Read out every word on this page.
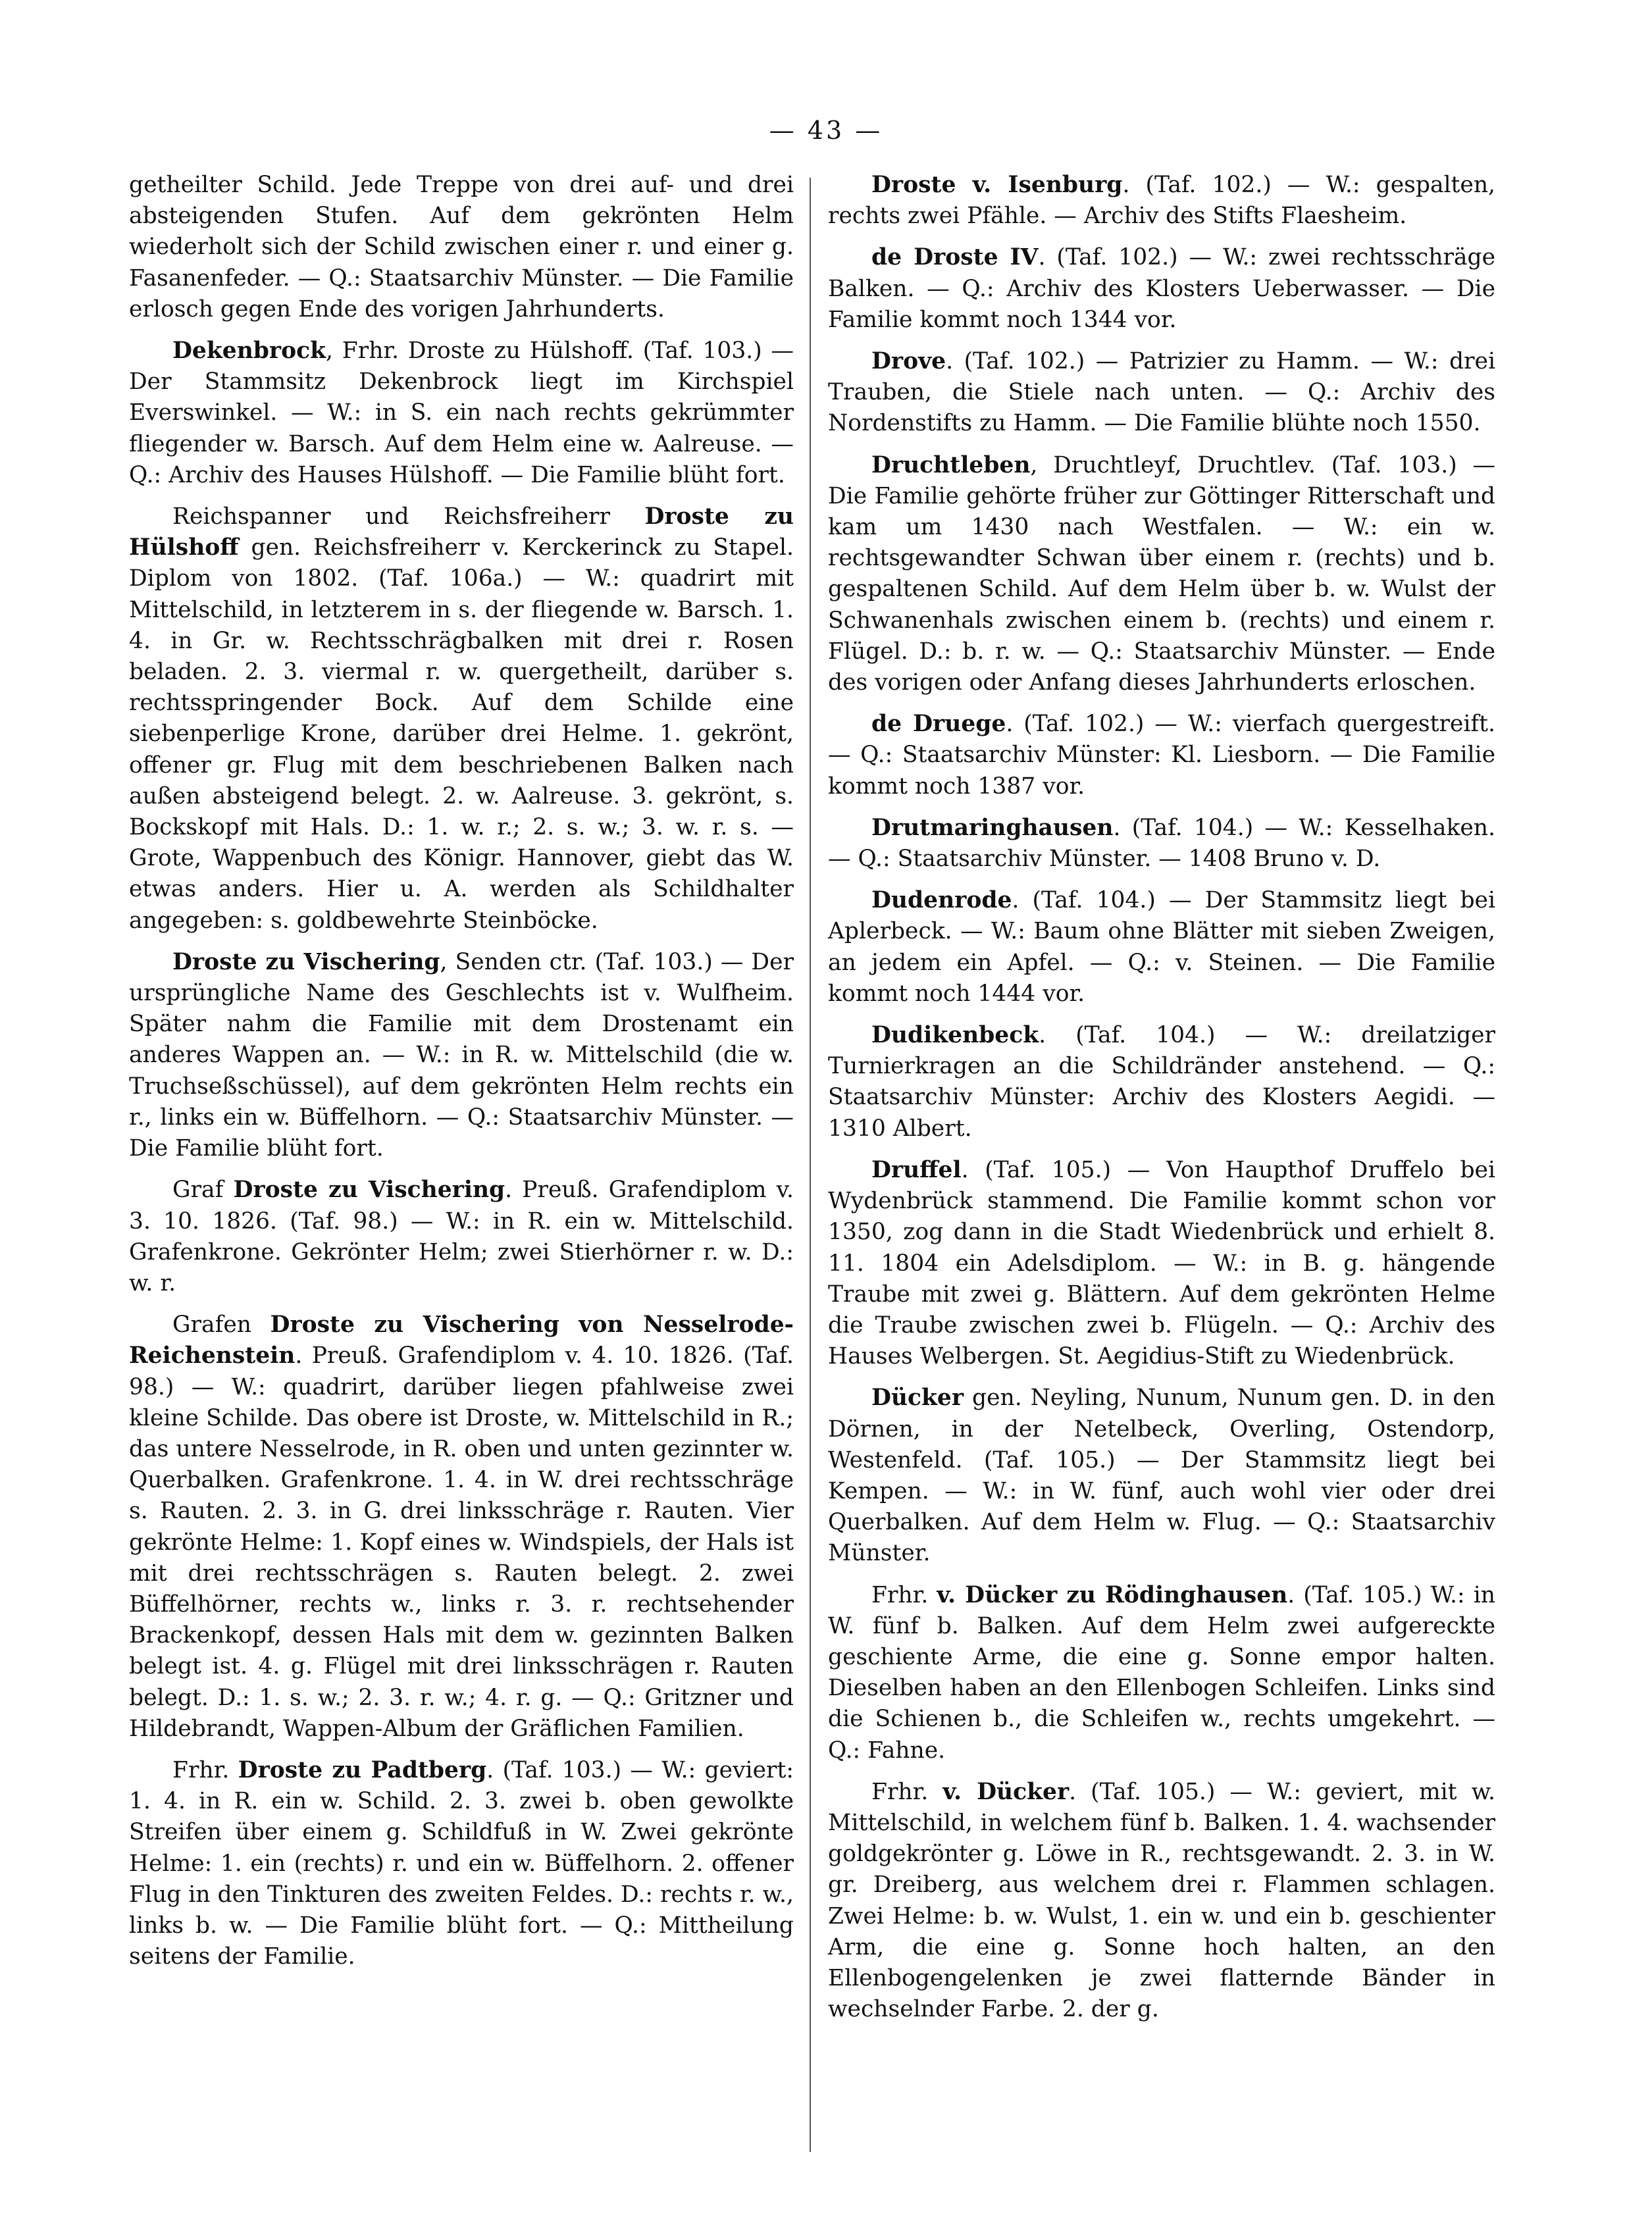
— 43 —

getheilter Schild. Jede Treppe von drei auf- und drei absteigenden Stufen. Auf dem gekrönten Helm wiederholt sich der Schild zwischen einer r. und einer g. Fasanenfeder. — Q.: Staatsarchiv Münster. — Die Familie erlosch gegen Ende des vorigen Jahrhunderts.

Dekenbrock, Frhr. Droste zu Hülshoff. (Taf. 103.) — Der Stammsitz Dekenbrock liegt im Kirchspiel Everswinkel. — W.: in S. ein nach rechts gekrümmter fliegender w. Barsch. Auf dem Helm eine w. Aalreuse. — Q.: Archiv des Hauses Hülshoff. — Die Familie blüht fort.

Reichspanner und Reichsfreiherr Droste zu Hülshoff gen. Reichsfreiherr v. Kerckerinck zu Stapel. Diplom von 1802. (Taf. 106a.) — W.: quadrirt mit Mittelschild, in letzterem in s. der fliegende w. Barsch. 1. 4. in Gr. w. Rechtsschrägbalken mit drei r. Rosen beladen. 2. 3. viermal r. w. quergetheilt, darüber s. rechtsspringender Bock. Auf dem Schilde eine siebenperlige Krone, darüber drei Helme. 1. gekrönt, offener gr. Flug mit dem beschriebenen Balken nach außen absteigend belegt. 2. w. Aalreuse. 3. gekrönt, s. Bockskopf mit Hals. D.: 1. w. r.; 2. s. w.; 3. w. r. s. — Grote, Wappenbuch des Königr. Hannover, giebt das W. etwas anders. Hier u. A. werden als Schildhalter angegeben: s. goldbewehrte Steinböcke.

Droste zu Vischering, Senden ctr. (Taf. 103.) — Der ursprüngliche Name des Geschlechts ist v. Wulfheim. Später nahm die Familie mit dem Drostenamt ein anderes Wappen an. — W.: in R. w. Mittelschild (die w. Truchseßschüssel), auf dem gekrönten Helm rechts ein r., links ein w. Büffelhorn. — Q.: Staatsarchiv Münster. — Die Familie blüht fort.

Graf Droste zu Vischering. Preuß. Grafendiplom v. 3. 10. 1826. (Taf. 98.) — W.: in R. ein w. Mittelschild. Grafenkrone. Gekrönter Helm; zwei Stierhörner r. w. D.: w. r.

Grafen Droste zu Vischering von Nesselrode-Reichenstein. Preuß. Grafendiplom v. 4. 10. 1826. (Taf. 98.) — W.: quadrirt, darüber liegen pfahlweise zwei kleine Schilde. Das obere ist Droste, w. Mittelschild in R.; das untere Nesselrode, in R. oben und unten gezinnter w. Querbalken. Grafenkrone. 1. 4. in W. drei rechtsschräge s. Rauten. 2. 3. in G. drei linksschräge r. Rauten. Vier gekrönte Helme: 1. Kopf eines w. Windspiels, der Hals ist mit drei rechtsschrägen s. Rauten belegt. 2. zwei Büffelhörner, rechts w., links r. 3. r. rechtsehender Brackenkopf, dessen Hals mit dem w. gezinnten Balken belegt ist. 4. g. Flügel mit drei linksschrägen r. Rauten belegt. D.: 1. s. w.; 2. 3. r. w.; 4. r. g. — Q.: Gritzner und Hildebrandt, Wappen-Album der Gräflichen Familien.

Frhr. Droste zu Padtberg. (Taf. 103.) — W.: geviert: 1. 4. in R. ein w. Schild. 2. 3. zwei b. oben gewolkte Streifen über einem g. Schildfuß in W. Zwei gekrönte Helme: 1. ein (rechts) r. und ein w. Büffelhorn. 2. offener Flug in den Tinkturen des zweiten Feldes. D.: rechts r. w., links b. w. — Die Familie blüht fort. — Q.: Mittheilung seitens der Familie.

Droste v. Isenburg. (Taf. 102.) — W.: gespalten, rechts zwei Pfähle. — Archiv des Stifts Flaesheim.

de Droste IV. (Taf. 102.) — W.: zwei rechtsschräge Balken. — Q.: Archiv des Klosters Ueberwasser. — Die Familie kommt noch 1344 vor.

Drove. (Taf. 102.) — Patrizier zu Hamm. — W.: drei Trauben, die Stiele nach unten. — Q.: Archiv des Nordenstifts zu Hamm. — Die Familie blühte noch 1550.

Druchtleben, Druchtleyf, Druchtlev. (Taf. 103.) — Die Familie gehörte früher zur Göttinger Ritterschaft und kam um 1430 nach Westfalen. — W.: ein w. rechtsgewandter Schwan über einem r. (rechts) und b. gespaltenen Schild. Auf dem Helm über b. w. Wulst der Schwanenhals zwischen einem b. (rechts) und einem r. Flügel. D.: b. r. w. — Q.: Staatsarchiv Münster. — Ende des vorigen oder Anfang dieses Jahrhunderts erloschen.

de Druege. (Taf. 102.) — W.: vierfach quergestreift. — Q.: Staatsarchiv Münster: Kl. Liesborn. — Die Familie kommt noch 1387 vor.

Drutmaringhausen. (Taf. 104.) — W.: Kesselhaken. — Q.: Staatsarchiv Münster. — 1408 Bruno v. D.

Dudenrode. (Taf. 104.) — Der Stammsitz liegt bei Aplerbeck. — W.: Baum ohne Blätter mit sieben Zweigen, an jedem ein Apfel. — Q.: v. Steinen. — Die Familie kommt noch 1444 vor.

Dudikenbeck. (Taf. 104.) — W.: dreilatziger Turnierkragen an die Schildränder anstehend. — Q.: Staatsarchiv Münster: Archiv des Klosters Aegidi. — 1310 Albert.

Druffel. (Taf. 105.) — Von Haupthof Druffelo bei Wydenbrück stammend. Die Familie kommt schon vor 1350, zog dann in die Stadt Wiedenbrück und erhielt 8. 11. 1804 ein Adelsdiplom. — W.: in B. g. hängende Traube mit zwei g. Blättern. Auf dem gekrönten Helme die Traube zwischen zwei b. Flügeln. — Q.: Archiv des Hauses Welbergen. St. Aegidius-Stift zu Wiedenbrück.

Dücker gen. Neyling, Nunum, Nunum gen. D. in den Dörnen, in der Netelbeck, Overling, Ostendorp, Westenfeld. (Taf. 105.) — Der Stammsitz liegt bei Kempen. — W.: in W. fünf, auch wohl vier oder drei Querbalken. Auf dem Helm w. Flug. — Q.: Staatsarchiv Münster.

Frhr. v. Dücker zu Rödinghausen. (Taf. 105.) W.: in W. fünf b. Balken. Auf dem Helm zwei aufgereckte geschiente Arme, die eine g. Sonne empor halten. Dieselben haben an den Ellenbogen Schleifen. Links sind die Schienen b., die Schleifen w., rechts umgekehrt. — Q.: Fahne.

Frhr. v. Dücker. (Taf. 105.) — W.: geviert, mit w. Mittelschild, in welchem fünf b. Balken. 1. 4. wachsender goldgekrönter g. Löwe in R., rechtsgewandt. 2. 3. in W. gr. Dreiberg, aus welchem drei r. Flammen schlagen. Zwei Helme: b. w. Wulst, 1. ein w. und ein b. geschienter Arm, die eine g. Sonne hoch halten, an den Ellenbogengelenken je zwei flatternde Bänder in wechselnder Farbe. 2. der g.
